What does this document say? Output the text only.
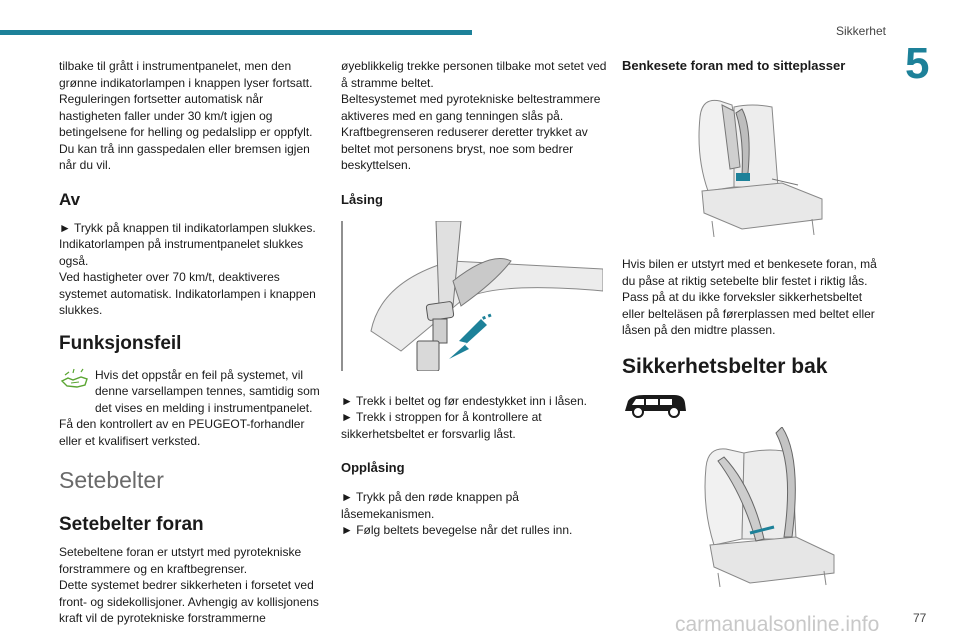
Sikkerhet
5

tilbake til grått i instrumentpanelet, men den grønne indikatorlampen i knappen lyser fortsatt.

Reguleringen fortsetter automatisk når hastigheten faller under 30 km/t igjen og betingelsene for helling og pedalslipp er oppfylt.

Du kan trå inn gasspedalen eller bremsen igjen når du vil.

Av

► Trykk på knappen til indikatorlampen slukkes.

Indikatorlampen på instrumentpanelet slukkes også.

Ved hastigheter over 70 km/t, deaktiveres systemet automatisk. Indikatorlampen i knappen slukkes.

Funksjonsfeil

Hvis det oppstår en feil på systemet, vil denne varsellampen tennes, samtidig som det vises en melding i instrumentpanelet.

Få den kontrollert av en PEUGEOT-forhandler eller et kvalifisert verksted.

Setebelter
Setebelter foran

Setebeltene foran er utstyrt med pyrotekniske forstrammere og en kraftbegrenser.

Dette systemet bedrer sikkerheten i forsetet ved front- og sidekollisjoner. Avhengig av kollisjonens kraft vil de pyrotekniske forstrammerne

øyeblikkelig trekke personen tilbake mot setet ved å stramme beltet.

Beltesystemet med pyrotekniske beltestrammere aktiveres med en gang tenningen slås på.

Kraftbegrenseren reduserer deretter trykket av beltet mot personens bryst, noe som bedrer beskyttelsen.

Låsing

► Trekk i beltet og før endestykket inn i låsen.

► Trekk i stroppen for å kontrollere at sikkerhetsbeltet er forsvarlig låst.

Opplåsing

► Trykk på den røde knappen på låsemekanismen.

► Følg beltets bevegelse når det rulles inn.

Benkesete foran med to sitteplasser

Hvis bilen er utstyrt med et benkesete foran, må du påse at riktig setebelte blir festet i riktig lås. Pass på at du ikke forveksler sikkerhetsbeltet eller belteläsen på førerplassen med beltet eller låsen på den midtre plassen.

Sikkerhetsbelter bak
carmanualsonline.info	77
